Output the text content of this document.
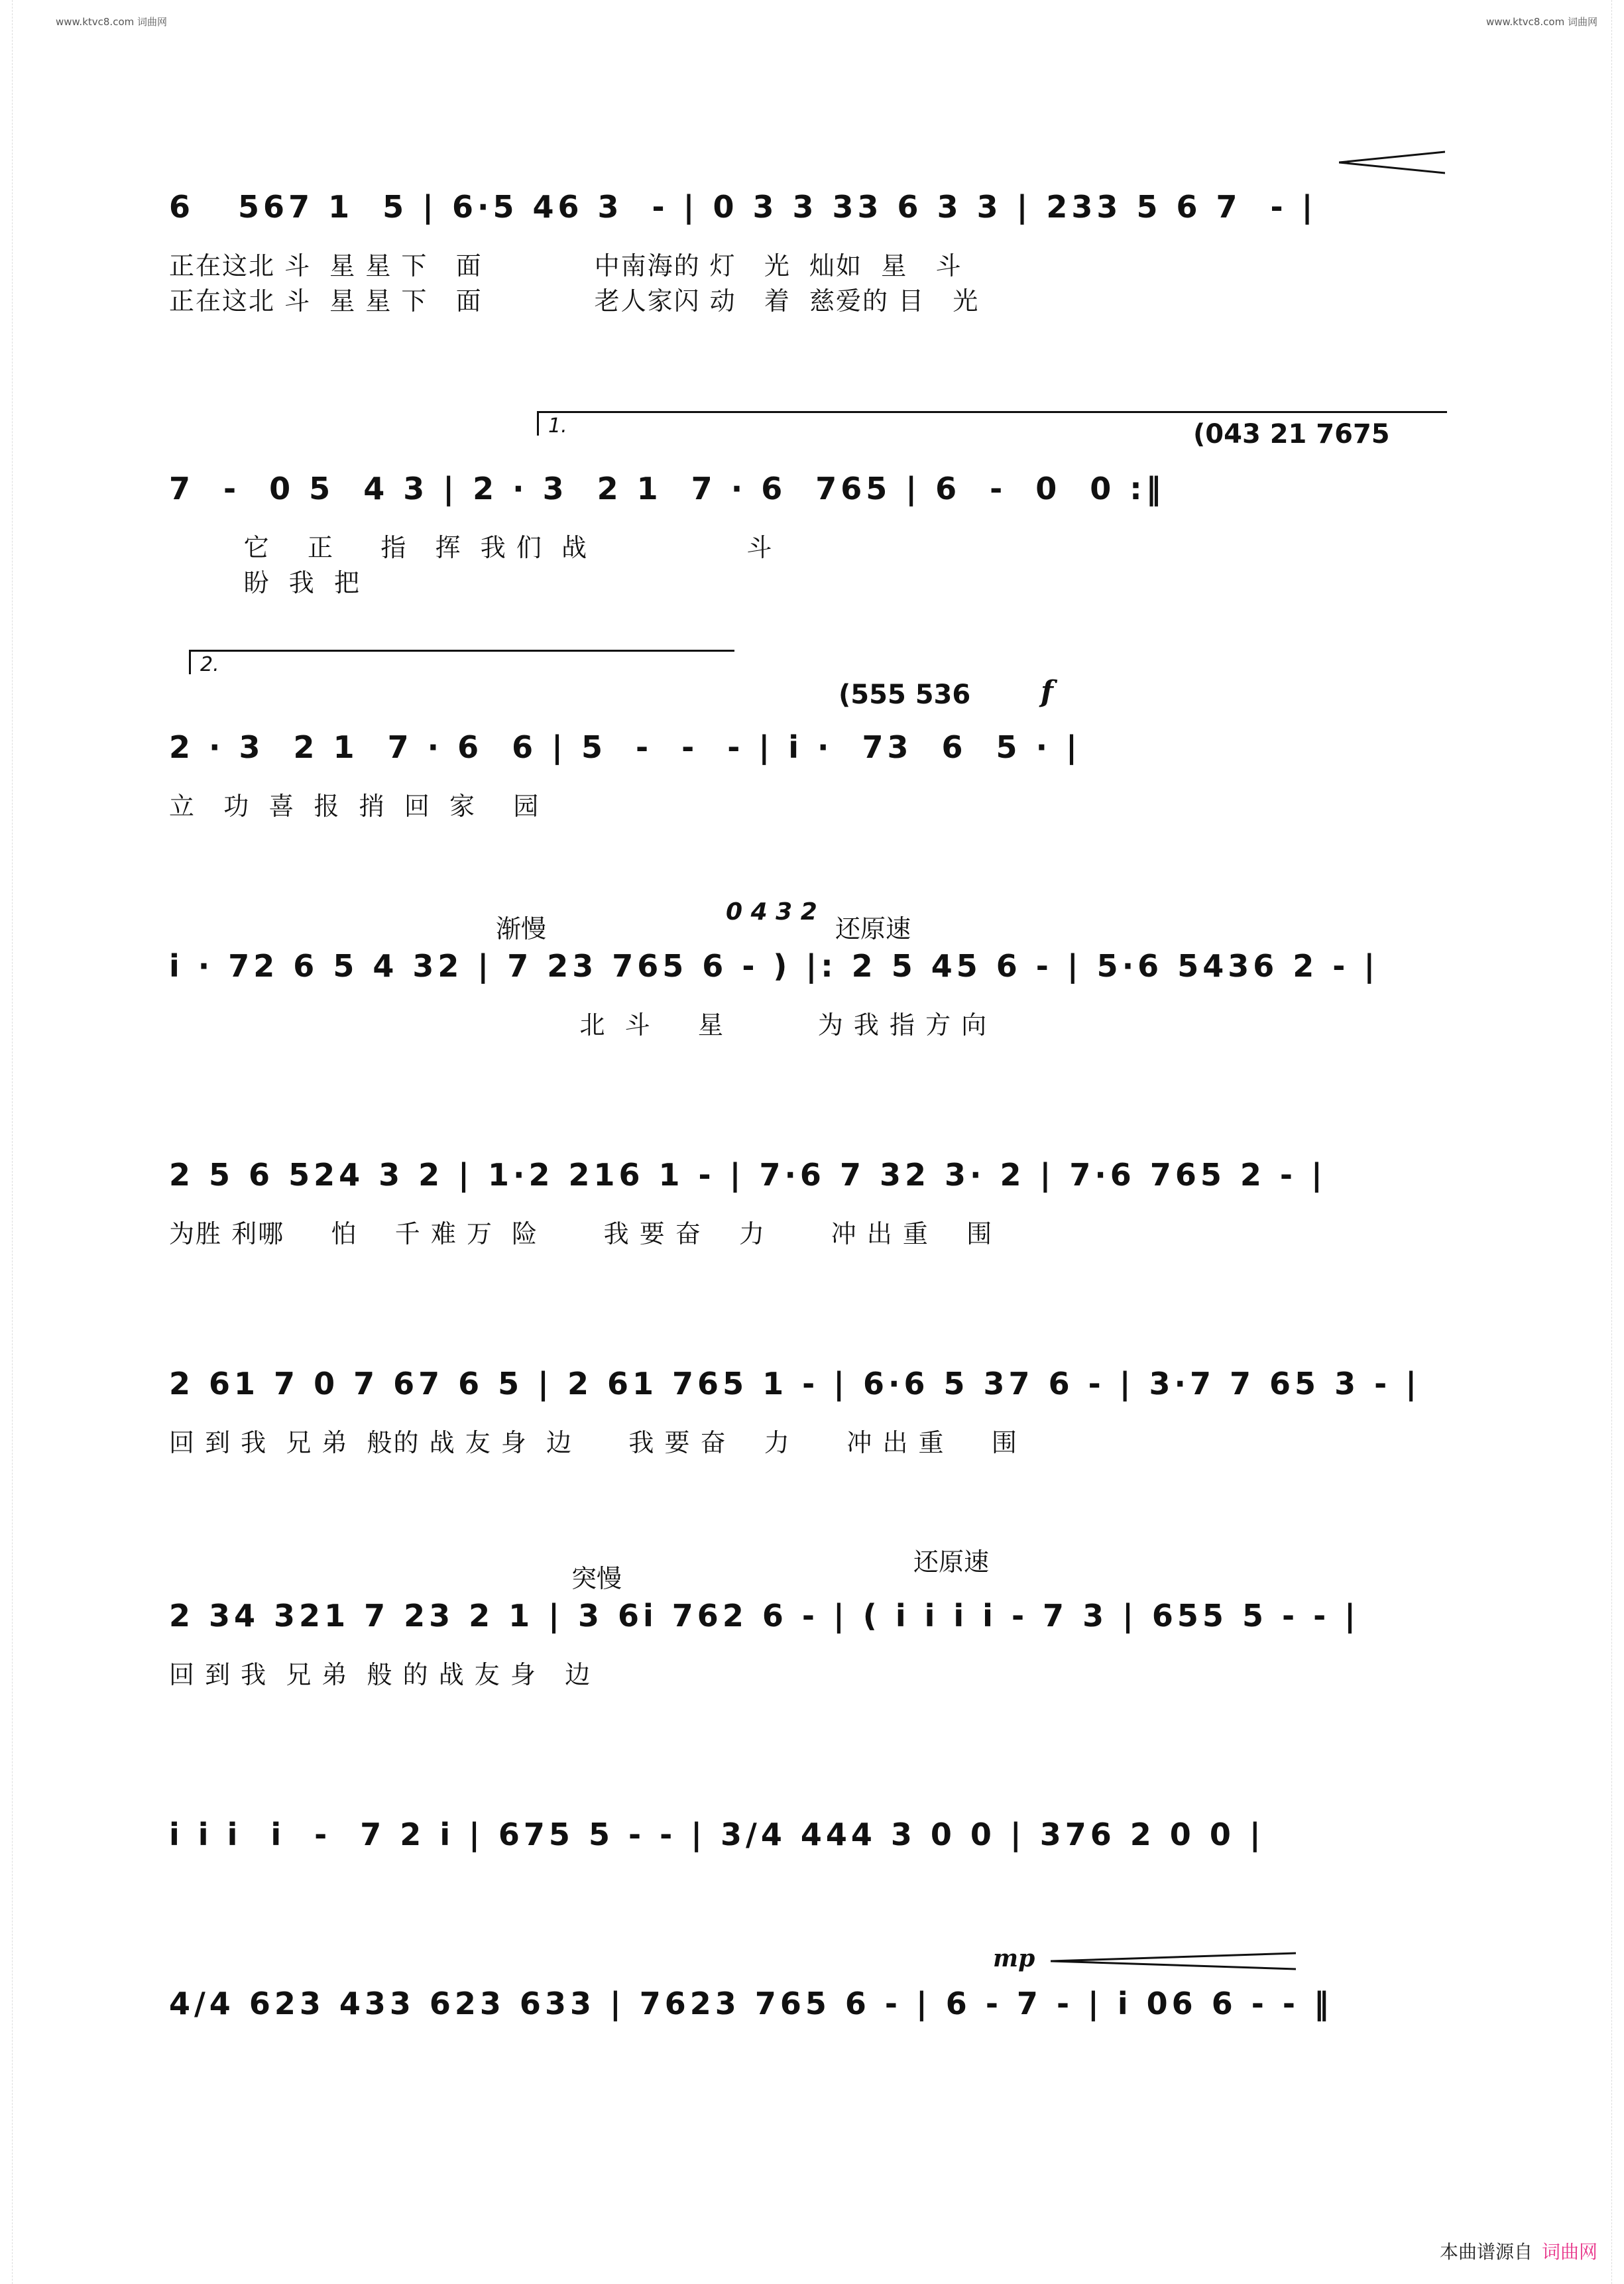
www.ktvc8.com 词曲网	www.ktvc8.com 词曲网
6   567 1  5 | 6·5 46 3  - | 0 3 3 33 6 3 3 | 233 5 6 7  - |
正在这北 斗  星 星 下   面            中南海的 灯   光  灿如  星   斗
正在这北 斗  星 星 下   面            老人家闪 动   着  慈爱的 目   光
1.	(043 21 7675
7  -  0 5  4 3 | 2 · 3  2 1  7 · 6  765 | 6  -  0  0 :‖
它    正     指   挥  我 们  战                 斗
盼  我  把
2.
(555 536 f
2 · 3  2 1  7 · 6  6 | 5  -  -  - | i ·  73  6  5 · |
立   功  喜  报  捎  回  家    园
渐慢
0 4 3 2
还原速
i · 72 6 5 4 32 | 7 23 765 6 - ) |: 2 5 45 6 - | 5·6 5436 2 - |
北  斗     星          为 我 指 方 向
2 5 6 524 3 2 | 1·2 216 1 - | 7·6 7 32 3· 2 | 7·6 765 2 - |
为胜 利哪     怕    千 难 万  险       我 要 奋    力       冲 出 重    围
2 61 7 0 7 67 6 5 | 2 61 765 1 - | 6·6 5 37 6 - | 3·7 7 65 3 - |
回 到 我  兄 弟  般的 战 友 身  边      我 要 奋    力      冲 出 重     围
突慢
还原速
2 34 321 7 23 2 1 | 3 6i 762 6 - | ( i i i i - 7 3 | 655 5 - - |
回 到 我  兄 弟  般 的 战 友 身   边
i i i  i  -  7 2 i | 675 5 - - | 3/4 444 3 0 0 | 376 2 0 0 |
mp
4/4 623 433 623 633 | 7623 765 6 - | 6 - 7 - | i 06 6 - - ‖
本曲谱源自 词曲网
